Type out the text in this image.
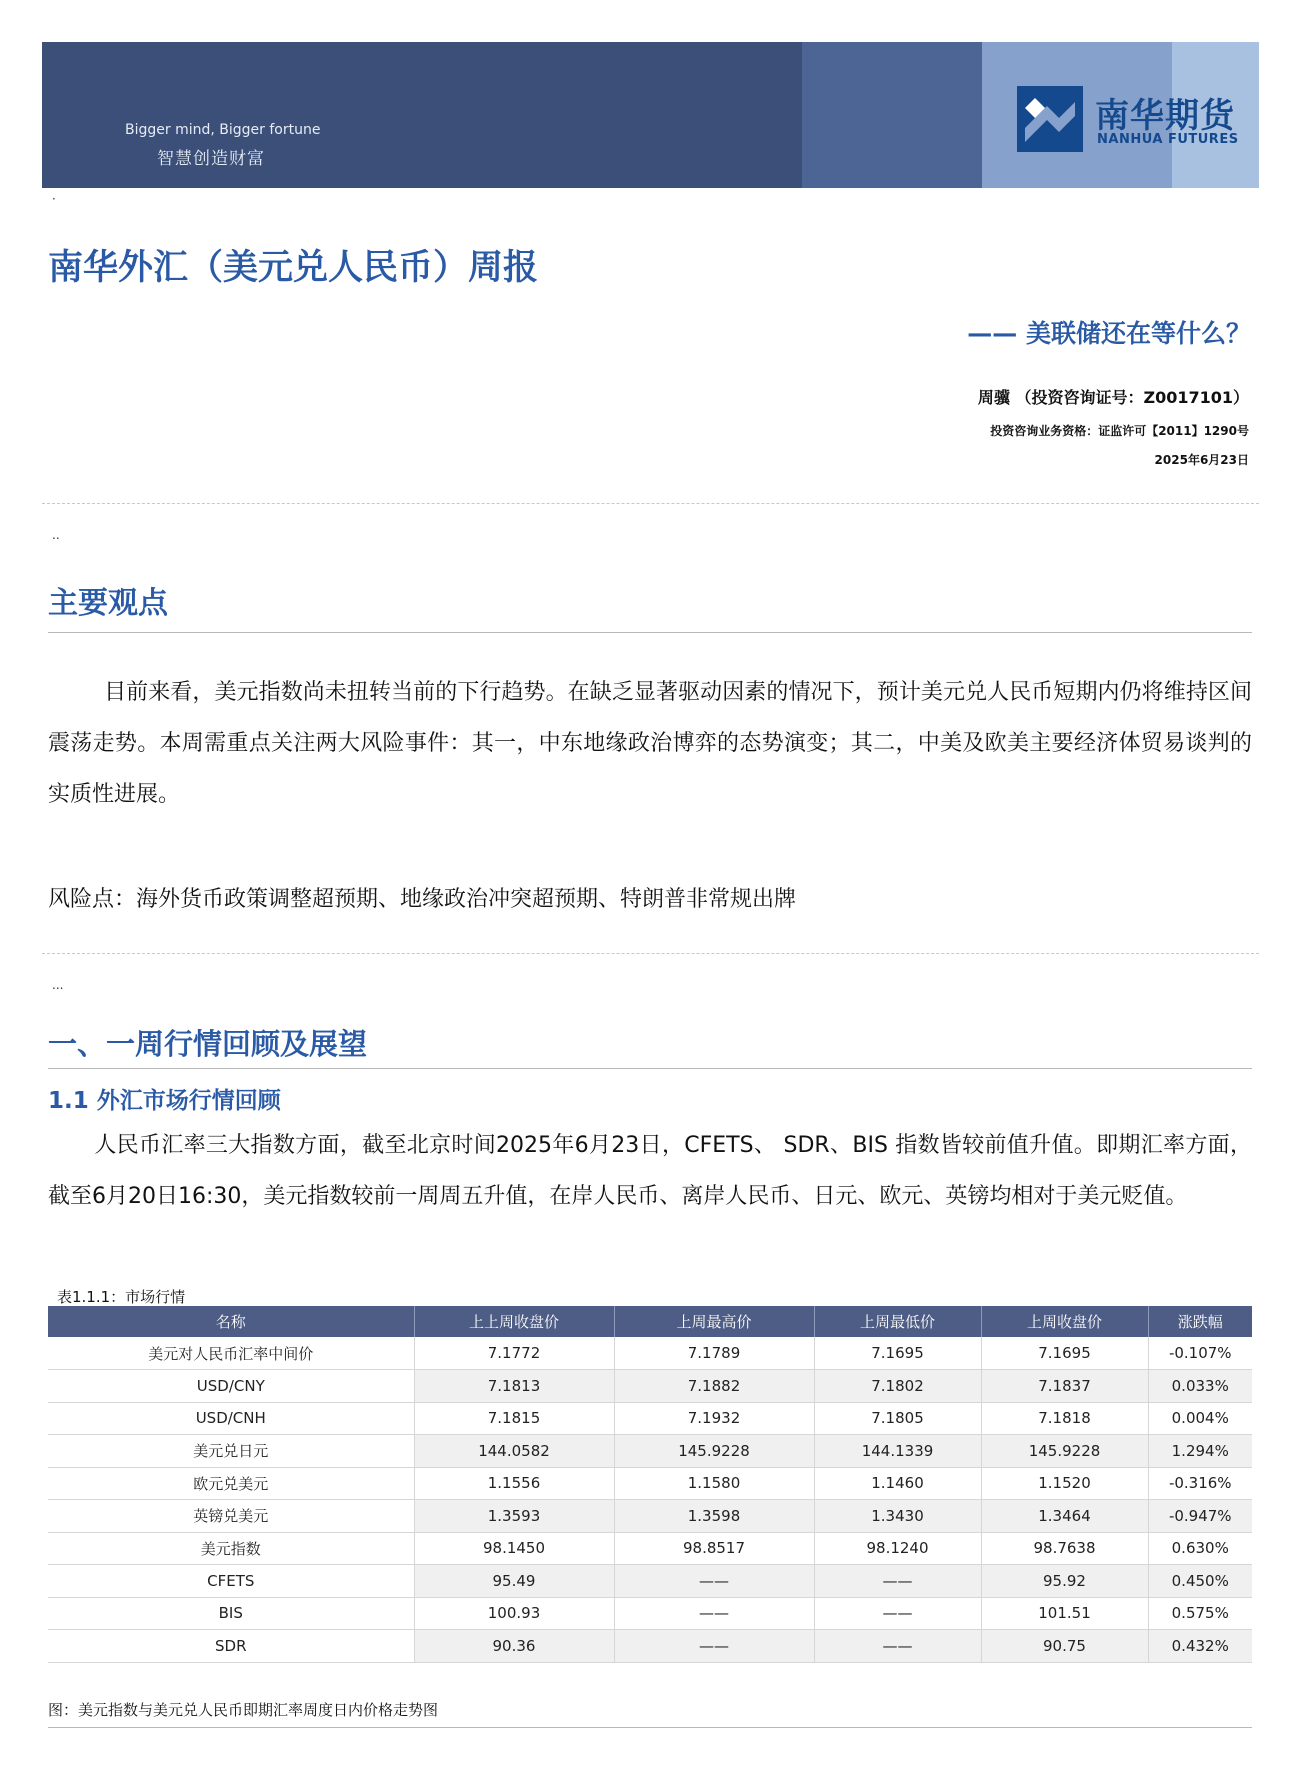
Bigger mind, Bigger fortune
智慧创造财富
南华期货
NANHUA FUTURES
·
南华外汇（美元兑人民币）周报
—— 美联储还在等什么？
周骥 （投资咨询证号：Z0017101）
投资咨询业务资格：证监许可【2011】1290号
2025年6月23日
..
主要观点
目前来看，美元指数尚未扭转当前的下行趋势。在缺乏显著驱动因素的情况下，预计美元兑人民币短期内仍将维持区间震荡走势。本周需重点关注两大风险事件：其一，中东地缘政治博弈的态势演变；其二，中美及欧美主要经济体贸易谈判的实质性进展。
风险点：海外货币政策调整超预期、地缘政治冲突超预期、特朗普非常规出牌
...
一、一周行情回顾及展望
1.1 外汇市场行情回顾
人民币汇率三大指数方面，截至北京时间2025年6月23日，CFETS、 SDR、BIS 指数皆较前值升值。即期汇率方面，截至6月20日16:30，美元指数较前一周周五升值，在岸人民币、离岸人民币、日元、欧元、英镑均相对于美元贬值。
表1.1.1：市场行情
名称	上上周收盘价	上周最高价	上周最低价	上周收盘价	涨跌幅
美元对人民币汇率中间价	7.1772	7.1789	7.1695	7.1695	-0.107%
USD/CNY	7.1813	7.1882	7.1802	7.1837	0.033%
USD/CNH	7.1815	7.1932	7.1805	7.1818	0.004%
美元兑日元	144.0582	145.9228	144.1339	145.9228	1.294%
欧元兑美元	1.1556	1.1580	1.1460	1.1520	-0.316%
英镑兑美元	1.3593	1.3598	1.3430	1.3464	-0.947%
美元指数	98.1450	98.8517	98.1240	98.7638	0.630%
CFETS	95.49	——	——	95.92	0.450%
BIS	100.93	——	——	101.51	0.575%
SDR	90.36	——	——	90.75	0.432%
图：美元指数与美元兑人民币即期汇率周度日内价格走势图
